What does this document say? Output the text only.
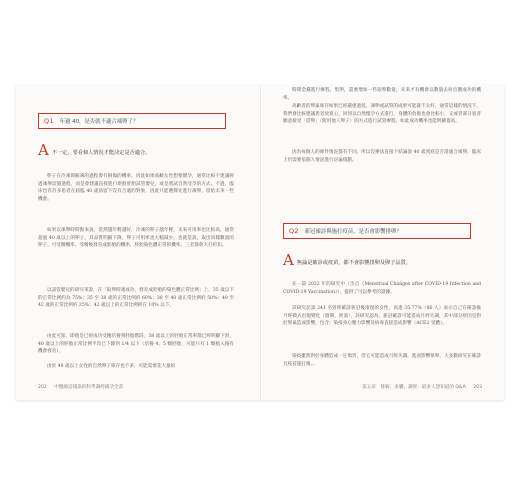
Q1	年過 40，是否就不適合凍卵了？
A 不一定，要看個人情況才能決定是否適合。

卵子在冷凍與解凍的過程會有損傷的機率，因此如果高齡女性想要懷孕，通常比較不建議經過凍卵這個過程，而是會建議直接進行新鮮胚胎試管嬰兒，或是嘗試自然受孕的方式。不過，臨床也有許多患者在屆臨 40 歲前留下沒有合適的對象，因此只能選擇先進行凍卵，留給未來一些機會。

如果以凍卵時間點來說，當然越年輕越好，冷凍的卵子越年輕，未來可用率也比較高，通常超過 40 歲以上的卵子，其品質明顯下降，卵子可用率也大幅減少，也就是說，取出同樣數量的卵子，可受精機率、受精後發育成胚胎的機率、胚胎染色體正常的機率，三者都會大打折扣。

以試管嬰兒的研究來說，在「取卵時適成功、發育成胚胎的染色體正常比例」上，35 歲以下的正常比例約為 75%；35 至 38 歲的正常比例約 60%；38 至 40 歲正常比例約 50%；40 至 42 歲的正常比例約 25%；42 歲以上的正常比例則在 10% 以下。

由此可知，即使是已經成功受精培養到胚胎階段，38 歲以上的胚胎正常率都已經明顯下滑，40 歲以上的胚胎正常比例平均已下降到 1/4 以下（培養 4、5 顆胚胎，可能只有 1 顆植入後有機會發育），

由於 40 歲以上女性的自然卵子庫存也不多，可能需要花大量的

202 中醫師這樣說的科學調經備孕全書

時間金錢進行療程，集卵，還要增加一些取卵數量，未來才有機會以數量去拚出優成功的機率。

高齡者的卵巢庫存如果已經嚴重過低，凍卵或試管的成果可能就不太好，通常這樣的情況下，我們會比較建議患者放寬心，回到以自然懷孕方式進行，身體的負擔也會比較小，又或者部分患者願意接受「借卵」（使用他人卵子）的方式進行試管療程，如此成功機率也能明顯提高。

因為每個人的條件情況都有不同，所以沒辦法直接下結論說 40 歲到底是否還適合凍卵，臨床上仍需要依個人情況進行討論規劃。

Q2	新冠確診與施打疫苗，是否會影響排卵？
A 無論是確診或疫苗，都不會影響排卵及卵子品質。

在一篇 2022 年的研究中（出自《Menstrual Changes after COVID-19 Infection and COVID-19 Vaccination》），提供了可以參考的證據。

該研究訪談 241 名曾經確診新冠後康復的女性，高達 35.77%（86 人）表示自己在確診後月經模式出現變化（週期、經量），該研究認為，新冠確診可能造成月經失調，其中部分原因是對於卵巢造成影響，包含：染疫身心壓力影響及病毒直接造成影響（ACE2 受體）。

染疫雖然對於身體造成一定傷害，但它可能造成月經失調，進而影響排卵。大多數研究在確診且疫苗施打後…

第五章　排解、多囊、調經：最多人想知道的 Q&A 203
